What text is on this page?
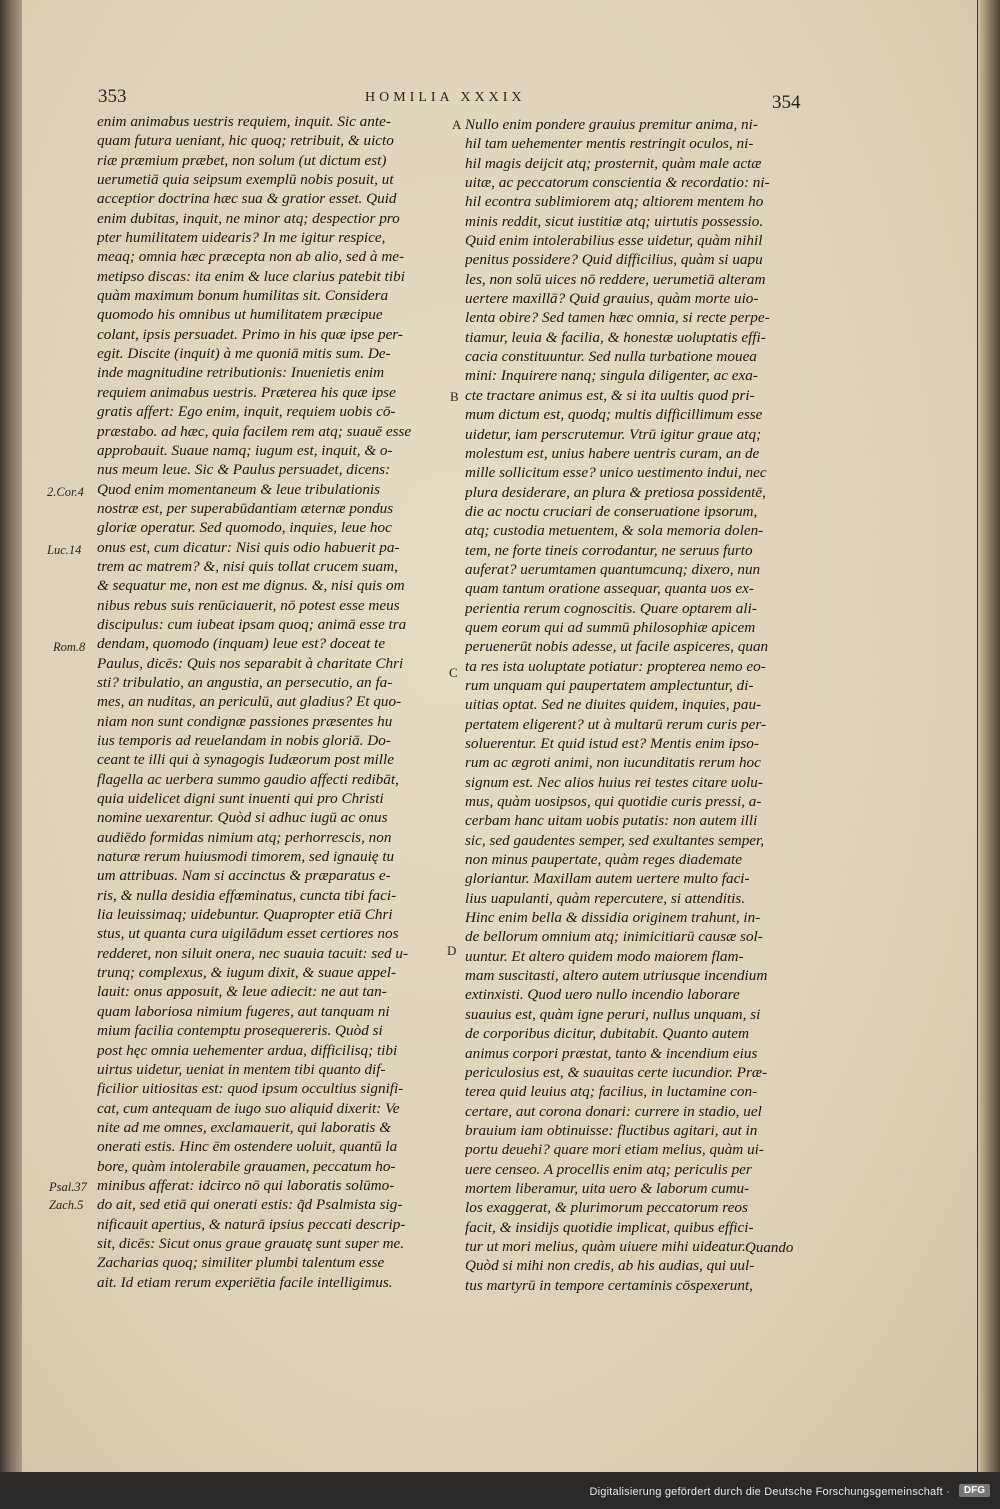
353	HOMILIA XXXIX	354
enim animabus uestris requiem, inquit. Sic ante-
quam futura ueniant, hic quoq; retribuit, & uicto
riæ præmium præbet, non solum (ut dictum est)
uerumetiā quia seipsum exemplū nobis posuit, ut
acceptior doctrina hæc sua & gratior esset. Quid
enim dubitas, inquit, ne minor atq; despectior pro
pter humilitatem uidearis? In me igitur respice,
meaq; omnia hæc præcepta non ab alio, sed à me-
metipso discas: ita enim & luce clarius patebit tibi
quàm maximum bonum humilitas sit. Considera
quomodo his omnibus ut humilitatem præcipue
colant, ipsis persuadet. Primo in his quæ ipse per-
egit. Discite (inquit) à me quoniā mitis sum. De-
inde magnitudine retributionis: Inuenietis enim
requiem animabus uestris. Præterea his quæ ipse
gratis affert: Ego enim, inquit, requiem uobis cō-
præstabo. ad hæc, quia facilem rem atq; suauē esse
approbauit. Suaue namq; iugum est, inquit, & o-
nus meum leue. Sic & Paulus persuadet, dicens:
Quod enim momentaneum & leue tribulationis
nostræ est, per superabūdantiam æternæ pondus
gloriæ operatur. Sed quomodo, inquies, leue hoc
onus est, cum dicatur: Nisi quis odio habuerit pa-
trem ac matrem? &, nisi quis tollat crucem suam,
& sequatur me, non est me dignus. &, nisi quis om
nibus rebus suis renūciauerit, nō potest esse meus
discipulus: cum iubeat ipsam quoq; animā esse tra
dendam, quomodo (inquam) leue est? doceat te
Paulus, dicēs: Quis nos separabit à charitate Chri
sti? tribulatio, an angustia, an persecutio, an fa-
mes, an nuditas, an periculū, aut gladius? Et quo-
niam non sunt condignæ passiones præsentes hu
ius temporis ad reuelandam in nobis gloriā. Do-
ceant te illi qui à synagogis Iudæorum post mille
flagella ac uerbera summo gaudio affecti redibāt,
quia uidelicet digni sunt inuenti qui pro Christi
nomine uexarentur. Quòd si adhuc iugū ac onus
audiēdo formidas nimium atq; perhorrescis, non
naturæ rerum huiusmodi timorem, sed ignauię tu
um attribuas. Nam si accinctus & præparatus e-
ris, & nulla desidia effœminatus, cuncta tibi faci-
lia leuissimaq; uidebuntur. Quapropter etiā Chri
stus, ut quanta cura uigilādum esset certiores nos
redderet, non siluit onera, nec suauia tacuit: sed u-
trunq; complexus, & iugum dixit, & suaue appel-
lauit: onus apposuit, & leue adiecit: ne aut tan-
quam laboriosa nimium fugeres, aut tanquam ni
mium facilia contemptu prosequereris. Quòd si
post hęc omnia uehementer ardua, difficilisq; tibi
uirtus uidetur, ueniat in mentem tibi quanto dif-
ficilior uitiositas est: quod ipsum occultius signifi-
cat, cum antequam de iugo suo aliquid dixerit: Ve
nite ad me omnes, exclamauerit, qui laboratis &
onerati estis. Hinc ēm ostendere uoluit, quantū la
bore, quàm intolerabile grauamen, peccatum ho-
minibus afferat: idcirco nō qui laboratis solūmo-
do ait, sed etiā qui onerati estis: q̃d Psalmista sig-
nificauit apertius, & naturā ipsius peccati descrip-
sit, dicēs: Sicut onus graue grauatę sunt super me.
Zacharias quoq; similiter plumbi talentum esse
ait. Id etiam rerum experiētia facile intelligimus.
Nullo enim pondere grauius premitur anima, ni-
hil tam uehementer mentis restringit oculos, ni-
hil magis deijcit atq; prosternit, quàm male actæ
uitæ, ac peccatorum conscientia & recordatio: ni-
hil econtra sublimiorem atq; altiorem mentem ho
minis reddit, sicut iustitiæ atq; uirtutis possessio.
Quid enim intolerabilius esse uidetur, quàm nihil
penitus possidere? Quid difficilius, quàm si uapu
les, non solū uices nō reddere, uerumetiā alteram
uertere maxillā? Quid grauius, quàm morte uio-
lenta obire? Sed tamen hæc omnia, si recte perpe-
tiamur, leuia & facilia, & honestæ uoluptatis effi-
cacia constituuntur. Sed nulla turbatione mouea
mini: Inquirere nanq; singula diligenter, ac exa-
cte tractare animus est, & si ita uultis quod pri-
mum dictum est, quodq; multis difficillimum esse
uidetur, iam perscrutemur. Vtrū igitur graue atq;
molestum est, unius habere uentris curam, an de
mille sollicitum esse? unico uestimento indui, nec
plura desiderare, an plura & pretiosa possidentē,
die ac noctu cruciari de conseruatione ipsorum,
atq; custodia metuentem, & sola memoria dolen-
tem, ne forte tineis corrodantur, ne seruus furto
auferat? uerumtamen quantumcunq; dixero, nun
quam tantum oratione assequar, quanta uos ex-
perientia rerum cognoscitis. Quare optarem ali-
quem eorum qui ad summū philosophiæ apicem
peruenerūt nobis adesse, ut facile aspiceres, quan
ta res ista uoluptate potiatur: propterea nemo eo-
rum unquam qui paupertatem amplectuntur, di-
uitias optat. Sed ne diuites quidem, inquies, pau-
pertatem eligerent? ut à multarū rerum curis per-
soluerentur. Et quid istud est? Mentis enim ipso-
rum ac ægroti animi, non iucunditatis rerum hoc
signum est. Nec alios huius rei testes citare uolu-
mus, quàm uosipsos, qui quotidie curis pressi, a-
cerbam hanc uitam uobis putatis: non autem illi
sic, sed gaudentes semper, sed exultantes semper,
non minus paupertate, quàm reges diademate
gloriantur. Maxillam autem uertere multo faci-
lius uapulanti, quàm repercutere, si attenditis.
Hinc enim bella & dissidia originem trahunt, in-
de bellorum omnium atq; inimicitiarū causæ sol-
uuntur. Et altero quidem modo maiorem flam-
mam suscitasti, altero autem utriusque incendium
extinxisti. Quod uero nullo incendio laborare
suauius est, quàm igne peruri, nullus unquam, si
de corporibus dicitur, dubitabit. Quanto autem
animus corpori præstat, tanto & incendium eius
periculosius est, & suauitas certe iucundior. Præ-
terea quid leuius atq; facilius, in luctamine con-
certare, aut corona donari: currere in stadio, uel
brauium iam obtinuisse: fluctibus agitari, aut in
portu deuehi? quare mori etiam melius, quàm ui-
uere censeo. A procellis enim atq; periculis per
mortem liberamur, uita uero & laborum cumu-
los exaggerat, & plurimorum peccatorum reos
facit, & insidijs quotidie implicat, quibus effici-
tur ut mori melius, quàm uiuere mihi uideatur.
Quòd si mihi non credis, ab his audias, qui uul-
tus martyrū in tempore certaminis cōspexerunt,
2.Cor.4
Luc.14
Rom.8
Psal.37
Zach.5
A
B
C
D
Quando
Digitalisierung gefördert durch die Deutsche Forschungsgemeinschaft ·	DFG
